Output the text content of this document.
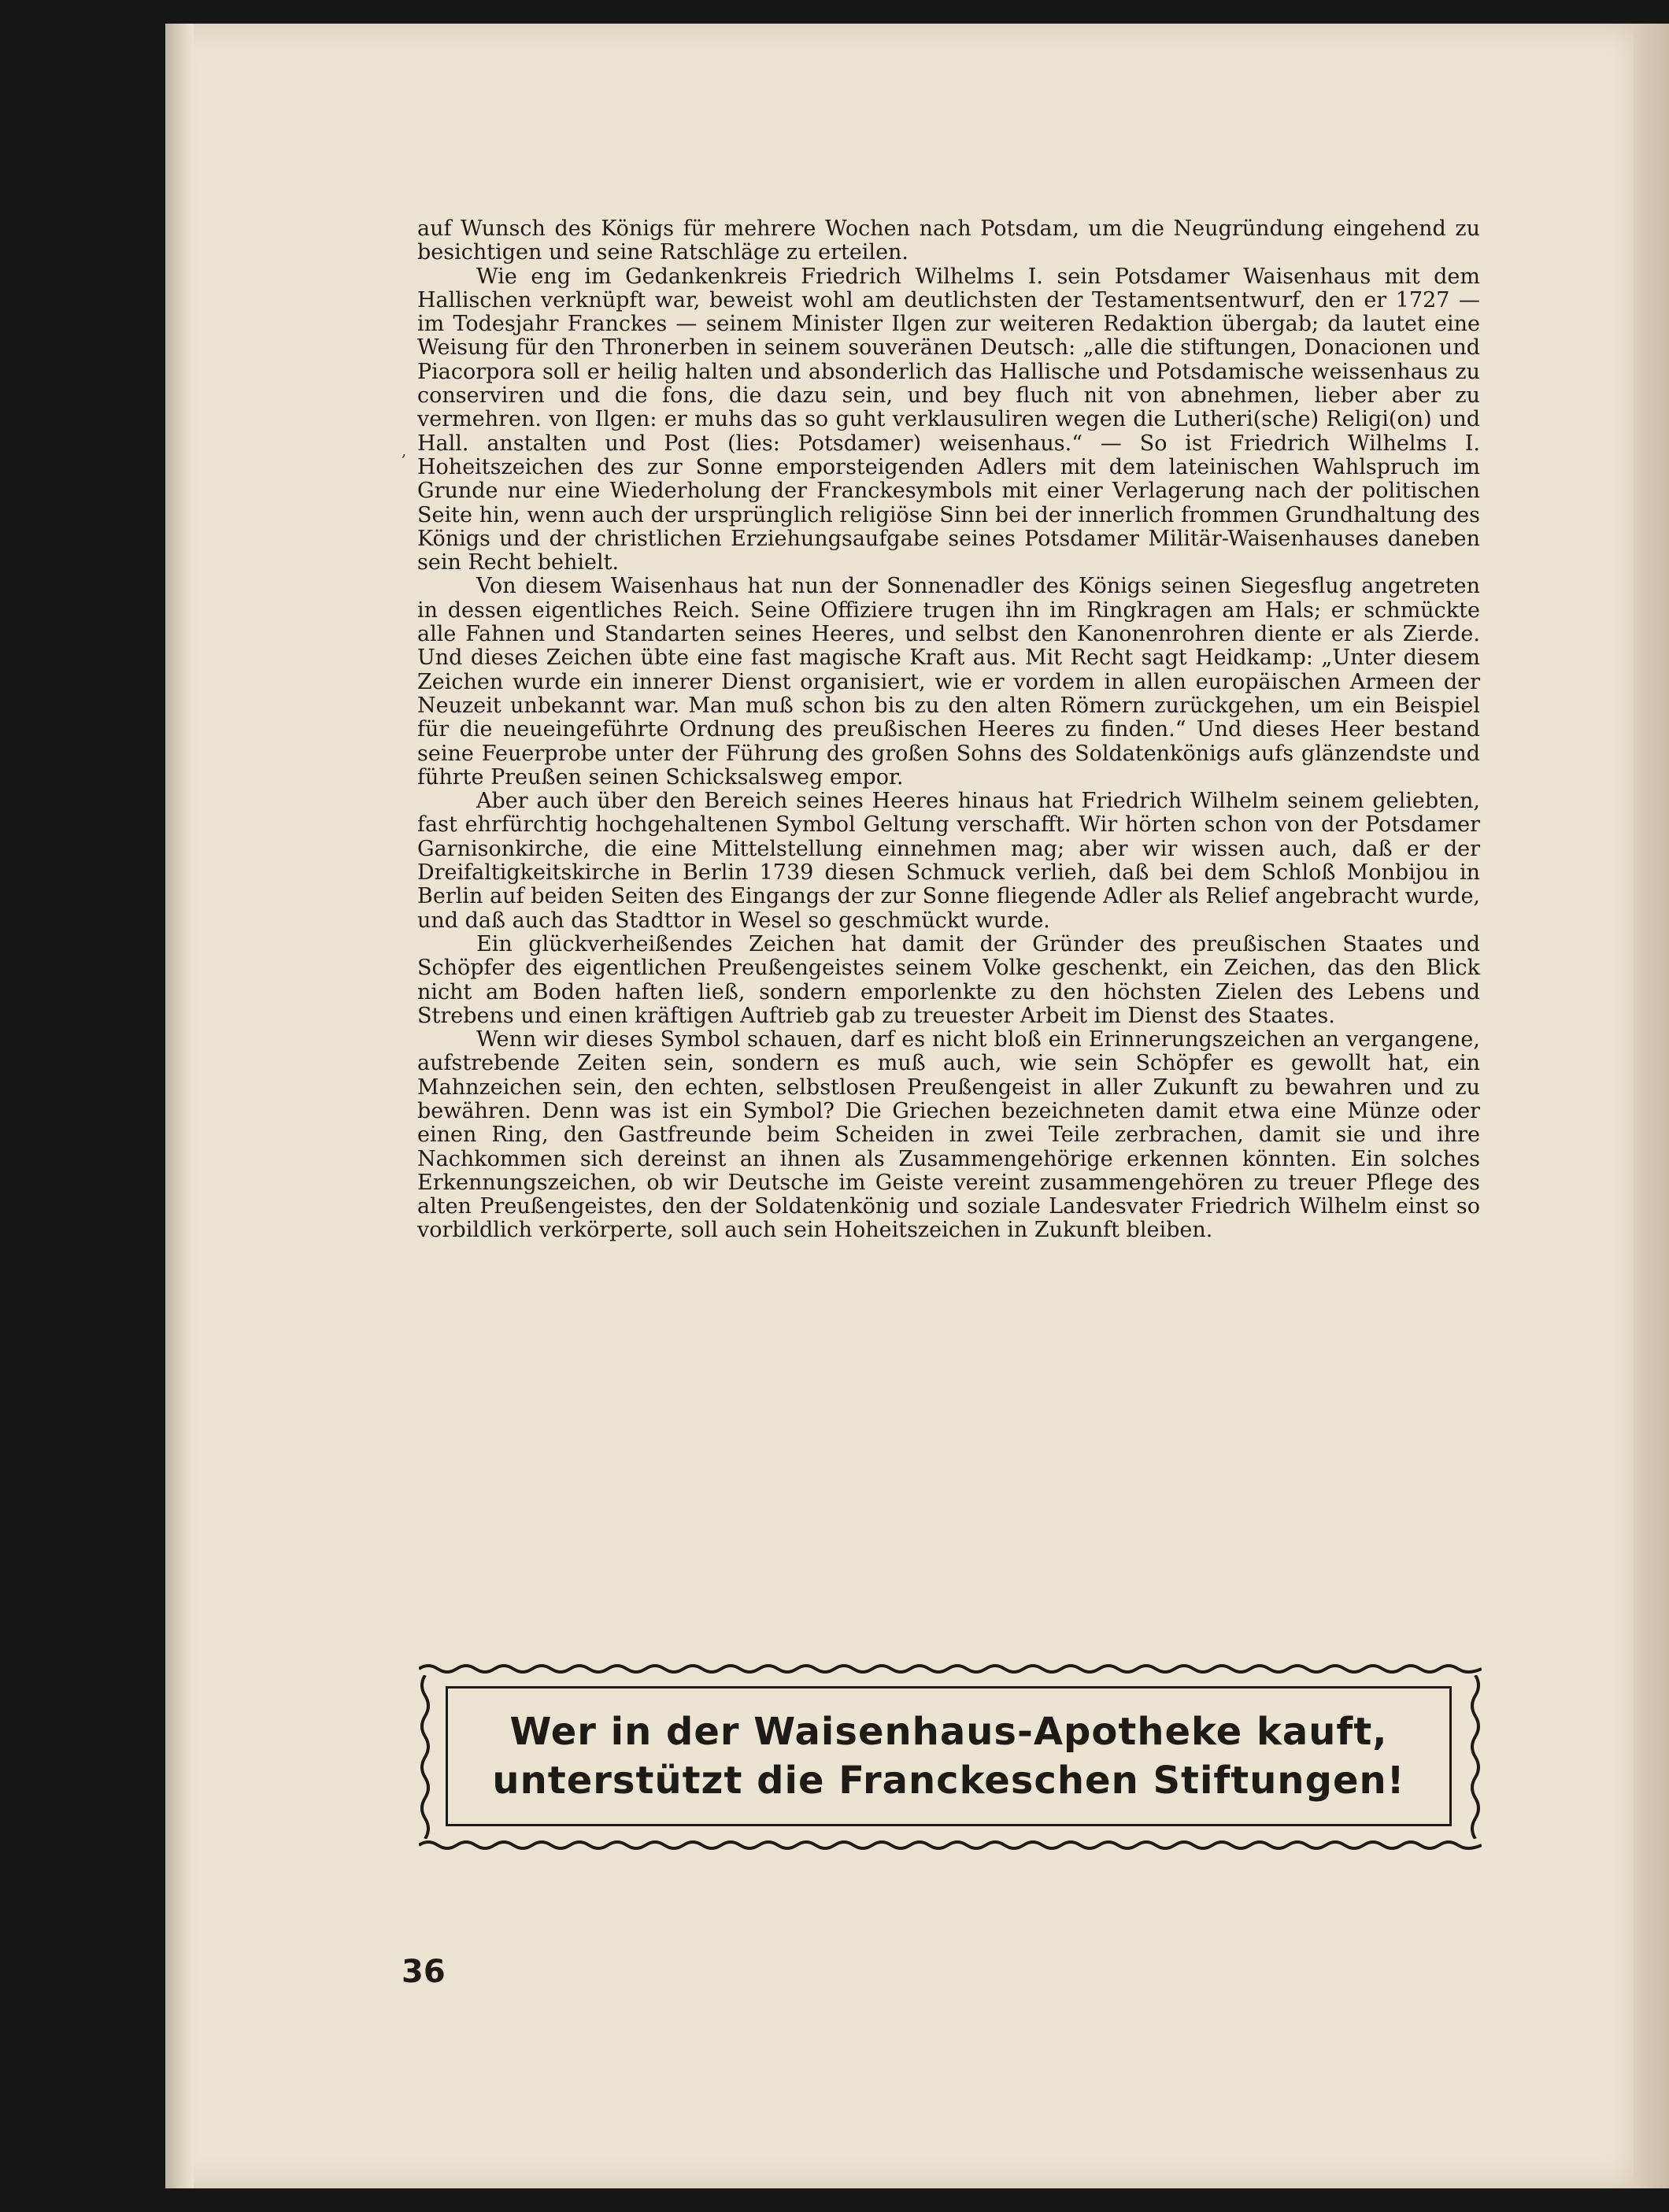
,

auf Wunsch des Königs für mehrere Wochen nach Potsdam, um die Neugründung eingehend zu besichtigen und seine Ratschläge zu erteilen.

Wie eng im Gedankenkreis Friedrich Wilhelms I. sein Potsdamer Waisenhaus mit dem Hallischen verknüpft war, beweist wohl am deutlichsten der Testamentsentwurf, den er 1727 — im Todesjahr Franckes — seinem Minister Ilgen zur weiteren Redaktion übergab; da lautet eine Weisung für den Thronerben in seinem souveränen Deutsch: „alle die stiftungen, Donacionen und Piacorpora soll er heilig halten und absonderlich das Hallische und Potsdamische weissenhaus zu conserviren und die fons, die dazu sein, und bey fluch nit von abnehmen, lieber aber zu vermehren. von Ilgen: er muhs das so guht verklausuliren wegen die Lutheri(sche) Religi(on) und Hall. anstalten und Post (lies: Potsdamer) weisenhaus.“ — So ist Friedrich Wilhelms I. Hoheitszeichen des zur Sonne emporsteigenden Adlers mit dem lateinischen Wahlspruch im Grunde nur eine Wiederholung der Franckesymbols mit einer Verlagerung nach der politischen Seite hin, wenn auch der ursprünglich religiöse Sinn bei der innerlich frommen Grundhaltung des Königs und der christlichen Erziehungsaufgabe seines Potsdamer Militär-Waisenhauses daneben sein Recht behielt.

Von diesem Waisenhaus hat nun der Sonnenadler des Königs seinen Siegesflug angetreten in dessen eigentliches Reich. Seine Offiziere trugen ihn im Ringkragen am Hals; er schmückte alle Fahnen und Standarten seines Heeres, und selbst den Kanonenrohren diente er als Zierde. Und dieses Zeichen übte eine fast magische Kraft aus. Mit Recht sagt Heidkamp: „Unter diesem Zeichen wurde ein innerer Dienst organisiert, wie er vordem in allen europäischen Armeen der Neuzeit unbekannt war. Man muß schon bis zu den alten Römern zurückgehen, um ein Beispiel für die neueingeführte Ordnung des preußischen Heeres zu finden.“ Und dieses Heer bestand seine Feuerprobe unter der Führung des großen Sohns des Soldatenkönigs aufs glänzendste und führte Preußen seinen Schicksalsweg empor.

Aber auch über den Bereich seines Heeres hinaus hat Friedrich Wilhelm seinem geliebten, fast ehrfürchtig hochgehaltenen Symbol Geltung verschafft. Wir hörten schon von der Potsdamer Garnisonkirche, die eine Mittelstellung einnehmen mag; aber wir wissen auch, daß er der Dreifaltigkeitskirche in Berlin 1739 diesen Schmuck verlieh, daß bei dem Schloß Monbijou in Berlin auf beiden Seiten des Eingangs der zur Sonne fliegende Adler als Relief angebracht wurde, und daß auch das Stadttor in Wesel so geschmückt wurde.

Ein glückverheißendes Zeichen hat damit der Gründer des preußischen Staates und Schöpfer des eigentlichen Preußengeistes seinem Volke geschenkt, ein Zeichen, das den Blick nicht am Boden haften ließ, sondern emporlenkte zu den höchsten Zielen des Lebens und Strebens und einen kräftigen Auftrieb gab zu treuester Arbeit im Dienst des Staates.

Wenn wir dieses Symbol schauen, darf es nicht bloß ein Erinnerungszeichen an vergangene, aufstrebende Zeiten sein, sondern es muß auch, wie sein Schöpfer es gewollt hat, ein Mahnzeichen sein, den echten, selbstlosen Preußengeist in aller Zukunft zu bewahren und zu bewähren. Denn was ist ein Symbol? Die Griechen bezeichneten damit etwa eine Münze oder einen Ring, den Gastfreunde beim Scheiden in zwei Teile zerbrachen, damit sie und ihre Nachkommen sich dereinst an ihnen als Zusammengehörige erkennen könnten. Ein solches Erkennungszeichen, ob wir Deutsche im Geiste vereint zusammengehören zu treuer Pflege des alten Preußengeistes, den der Soldatenkönig und soziale Landesvater Friedrich Wilhelm einst so vorbildlich verkörperte, soll auch sein Hoheitszeichen in Zukunft bleiben.

Wer in der Waisenhaus-Apotheke kauft,
unterstützt die Franckeschen Stiftungen!
36
